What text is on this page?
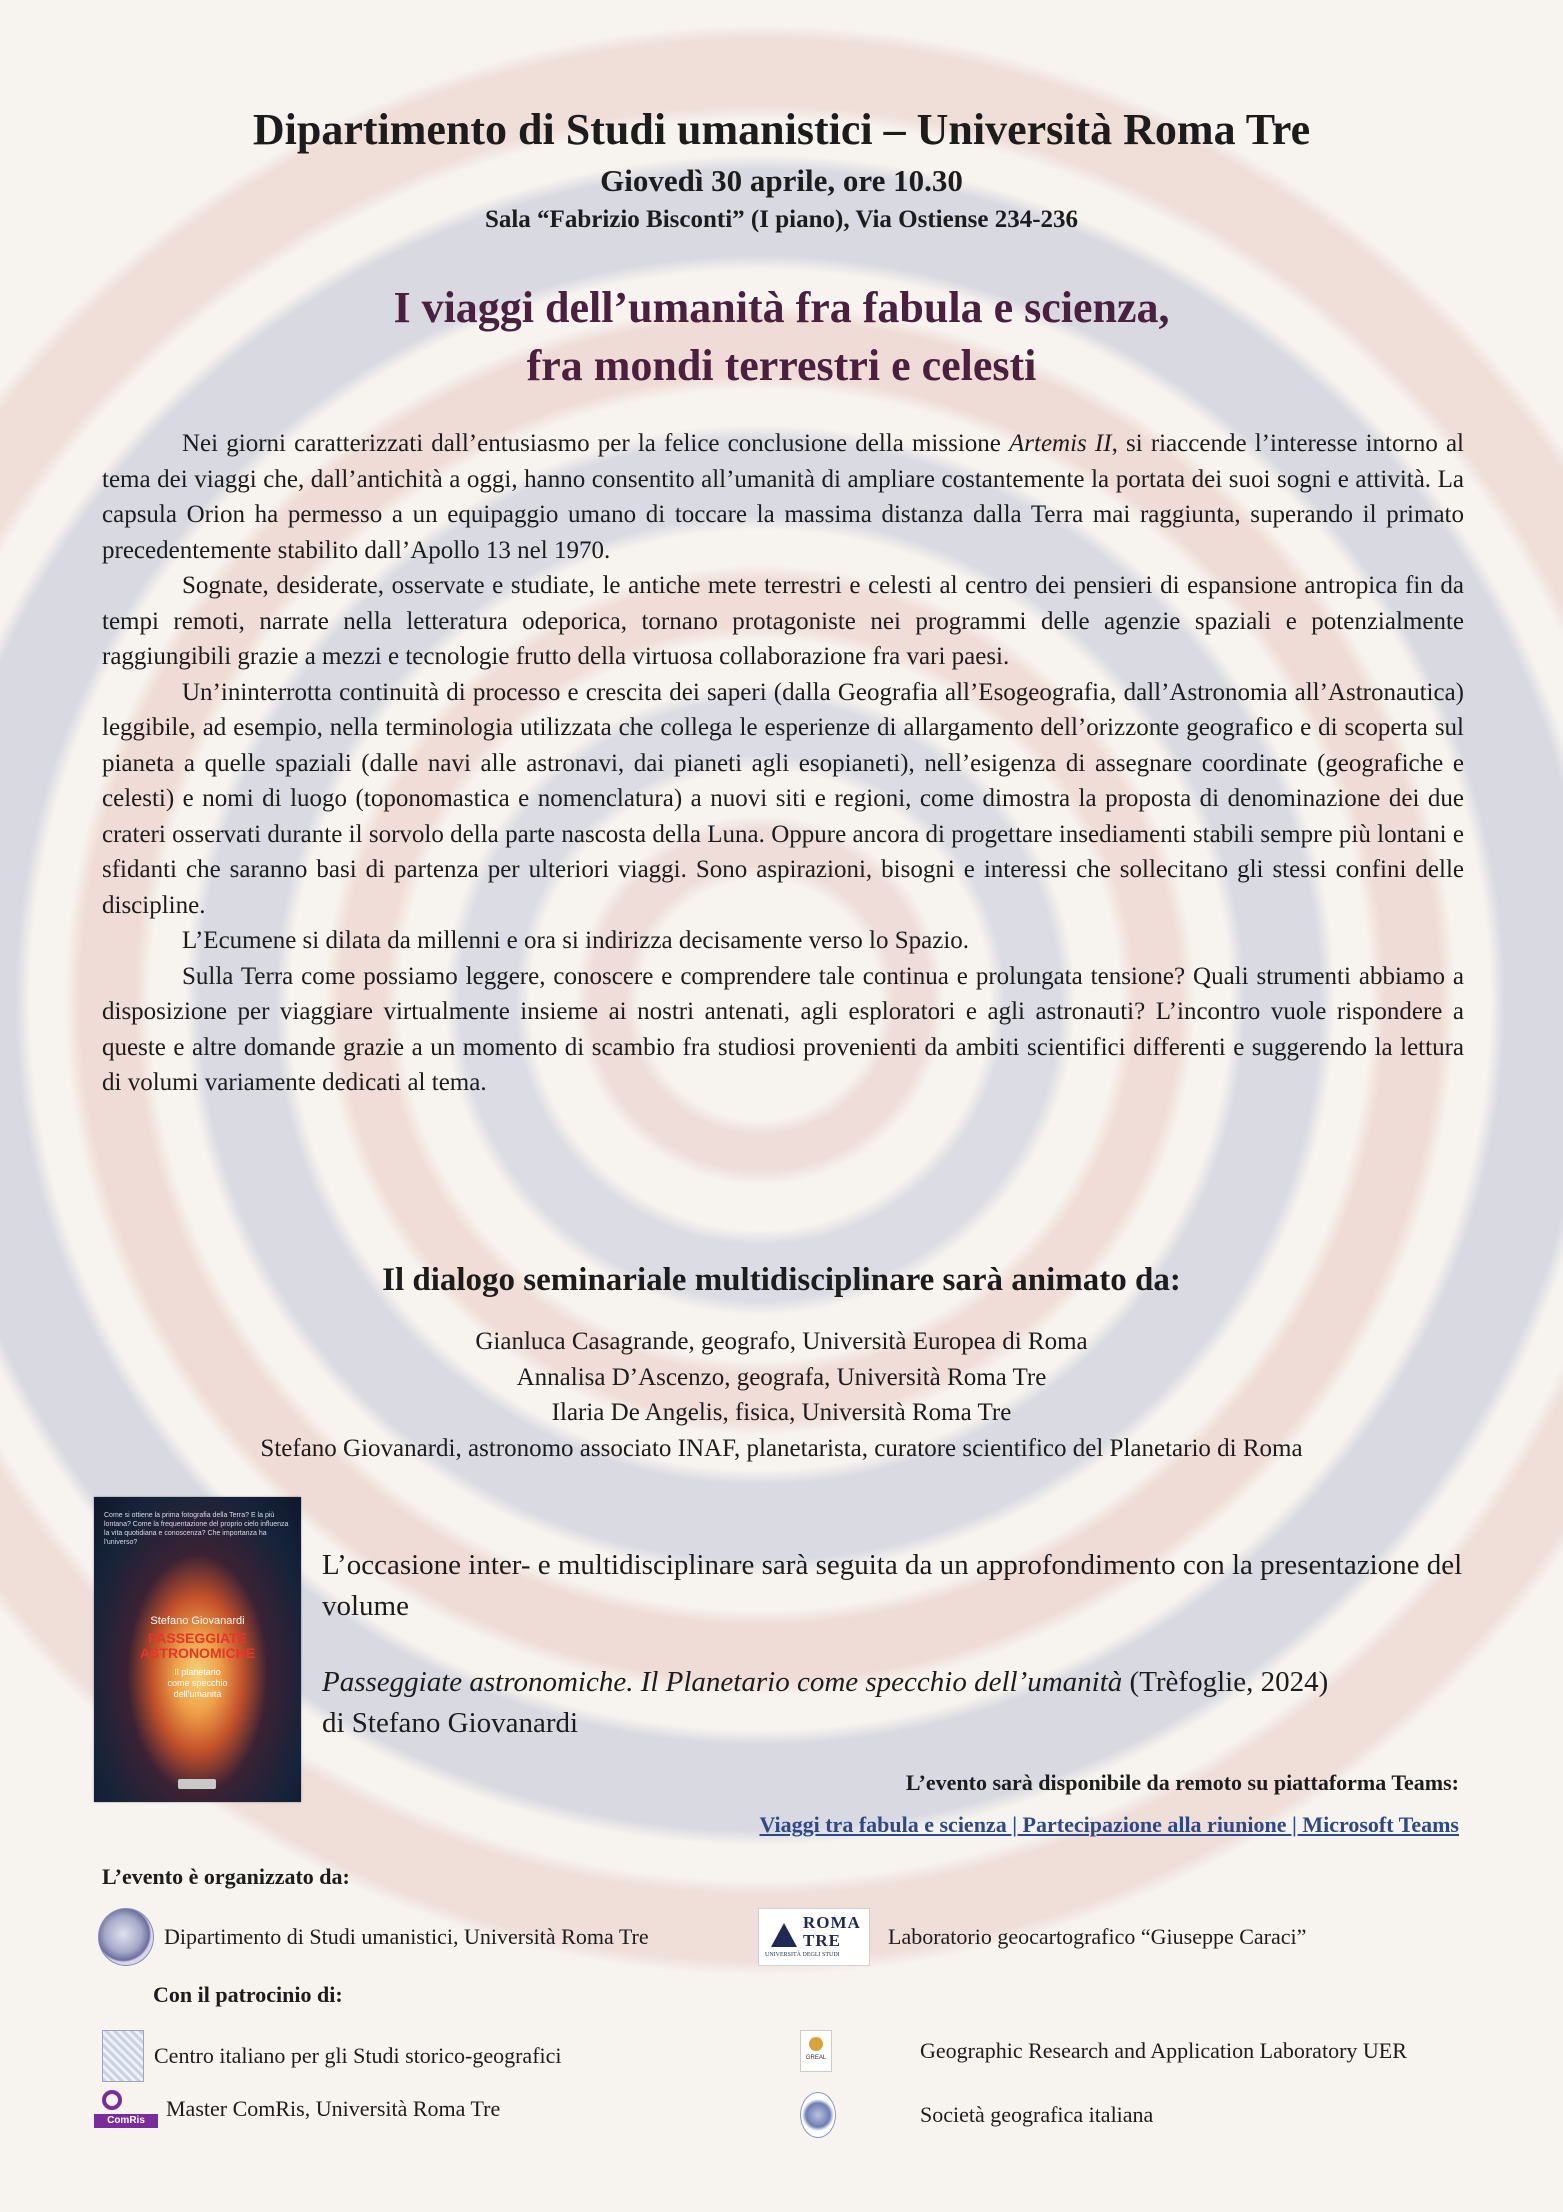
Dipartimento di Studi umanistici – Università Roma Tre
Giovedì 30 aprile, ore 10.30
Sala “Fabrizio Bisconti” (I piano), Via Ostiense 234-236
I viaggi dell’umanità fra fabula e scienza,
fra mondi terrestri e celesti

Nei giorni caratterizzati dall’entusiasmo per la felice conclusione della missione Artemis II, si riaccende l’interesse intorno al tema dei viaggi che, dall’antichità a oggi, hanno consentito all’umanità di ampliare costantemente la portata dei suoi sogni e attività. La capsula Orion ha permesso a un equipaggio umano di toccare la massima distanza dalla Terra mai raggiunta, superando il primato precedentemente stabilito dall’Apollo 13 nel 1970.

Sognate, desiderate, osservate e studiate, le antiche mete terrestri e celesti al centro dei pensieri di espansione antropica fin da tempi remoti, narrate nella letteratura odeporica, tornano protagoniste nei programmi delle agenzie spaziali e potenzialmente raggiungibili grazie a mezzi e tecnologie frutto della virtuosa collaborazione fra vari paesi.

Un’ininterrotta continuità di processo e crescita dei saperi (dalla Geografia all’Esogeografia, dall’Astronomia all’Astronautica) leggibile, ad esempio, nella terminologia utilizzata che collega le esperienze di allargamento dell’orizzonte geografico e di scoperta sul pianeta a quelle spaziali (dalle navi alle astronavi, dai pianeti agli esopianeti), nell’esigenza di assegnare coordinate (geografiche e celesti) e nomi di luogo (toponomastica e nomenclatura) a nuovi siti e regioni, come dimostra la proposta di denominazione dei due crateri osservati durante il sorvolo della parte nascosta della Luna. Oppure ancora di progettare insediamenti stabili sempre più lontani e sfidanti che saranno basi di partenza per ulteriori viaggi. Sono aspirazioni, bisogni e interessi che sollecitano gli stessi confini delle discipline.

L’Ecumene si dilata da millenni e ora si indirizza decisamente verso lo Spazio.

Sulla Terra come possiamo leggere, conoscere e comprendere tale continua e prolungata tensione? Quali strumenti abbiamo a disposizione per viaggiare virtualmente insieme ai nostri antenati, agli esploratori e agli astronauti? L’incontro vuole rispondere a queste e altre domande grazie a un momento di scambio fra studiosi provenienti da ambiti scientifici differenti e suggerendo la lettura di volumi variamente dedicati al tema.

Il dialogo seminariale multidisciplinare sarà animato da:
Gianluca Casagrande, geografo, Università Europea di Roma
Annalisa D’Ascenzo, geografa, Università Roma Tre
Ilaria De Angelis, fisica, Università Roma Tre
Stefano Giovanardi, astronomo associato INAF, planetarista, curatore scientifico del Planetario di Roma
Come si ottiene la prima fotografia della Terra? E la più lontana? Come la frequentazione del proprio cielo influenza la vita quotidiana e conoscenza? Che importanza ha l'universo?
Stefano Giovanardi
PASSEGGIATE
ASTRONOMICHE
Il planetario
come specchio
dell'umanità
L’occasione inter- e multidisciplinare sarà seguita da un approfondimento con la presentazione del volume
Passeggiate astronomiche. Il Planetario come specchio dell’umanità (Trèfoglie, 2024)
di Stefano Giovanardi
L’evento sarà disponibile da remoto su piattaforma Teams:
Viaggi tra fabula e scienza | Partecipazione alla riunione | Microsoft Teams
L’evento è organizzato da:
Dipartimento di Studi umanistici, Università Roma Tre
ROMA
TRE
UNIVERSITÀ DEGLI STUDI
Laboratorio geocartografico “Giuseppe Caraci”
Con il patrocinio di:
Centro italiano per gli Studi storico-geografici	GREAL	Geographic Research and Application Laboratory UER
ComRis Master ComRis, Università Roma Tre	Società geografica italiana
